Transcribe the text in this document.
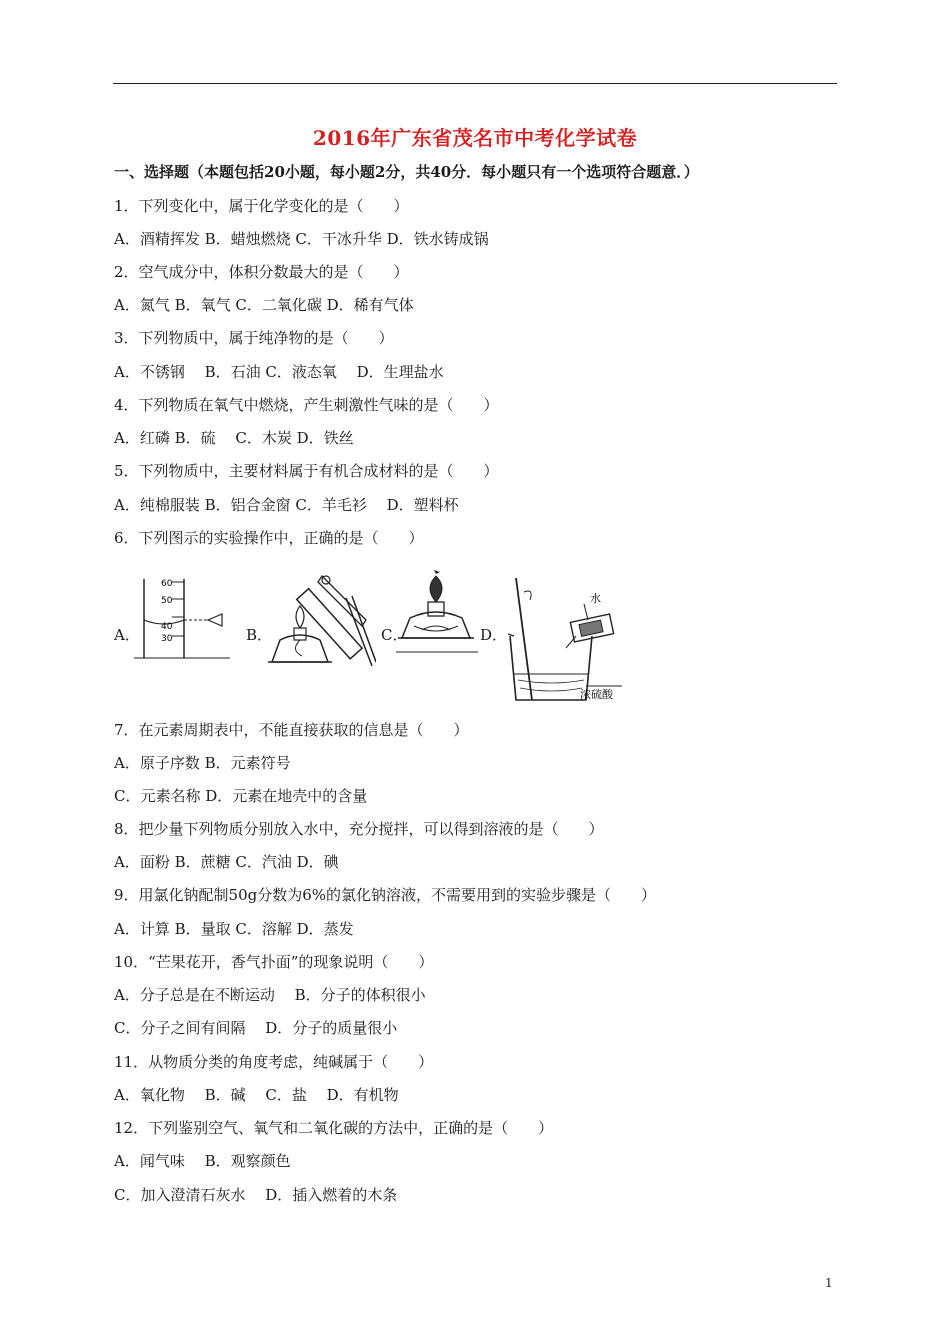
2016年广东省茂名市中考化学试卷
一、选择题（本题包括20小题，每小题2分，共40分．每小题只有一个选项符合题意．）
1．下列变化中，属于化学变化的是（　　）
A．酒精挥发 B．蜡烛燃烧 C．干冰升华 D．铁水铸成锅
2．空气成分中，体积分数最大的是（　　）
A．氮气 B．氧气 C．二氧化碳 D．稀有气体
3．下列物质中，属于纯净物的是（　　）
A．不锈钢　 B．石油 C．液态氧　 D．生理盐水
4．下列物质在氧气中燃烧，产生刺激性气味的是（　　）
A．红磷 B．硫　 C．木炭 D．铁丝
5．下列物质中，主要材料属于有机合成材料的是（　　）
A．纯棉服装 B．铝合金窗 C．羊毛衫　 D．塑料杯
6．下列图示的实验操作中，正确的是（　　）
A．
60
50
40
30	B．	C．	D．
水
浓硫酸
7．在元素周期表中，不能直接获取的信息是（　　）
A．原子序数 B．元素符号
C．元素名称 D．元素在地壳中的含量
8．把少量下列物质分别放入水中，充分搅拌，可以得到溶液的是（　　）
A．面粉 B．蔗糖 C．汽油 D．碘
9．用氯化钠配制50g分数为6%的氯化钠溶液，不需要用到的实验步骤是（　　）
A．计算 B．量取 C．溶解 D．蒸发
10．“芒果花开，香气扑面”的现象说明（　　）
A．分子总是在不断运动　 B．分子的体积很小
C．分子之间有间隔　 D．分子的质量很小
11．从物质分类的角度考虑，纯碱属于（　　）
A．氧化物　 B．碱　 C．盐　 D．有机物
12．下列鉴别空气、氧气和二氧化碳的方法中，正确的是（　　）
A．闻气味　 B．观察颜色
C．加入澄清石灰水　 D．插入燃着的木条
1
